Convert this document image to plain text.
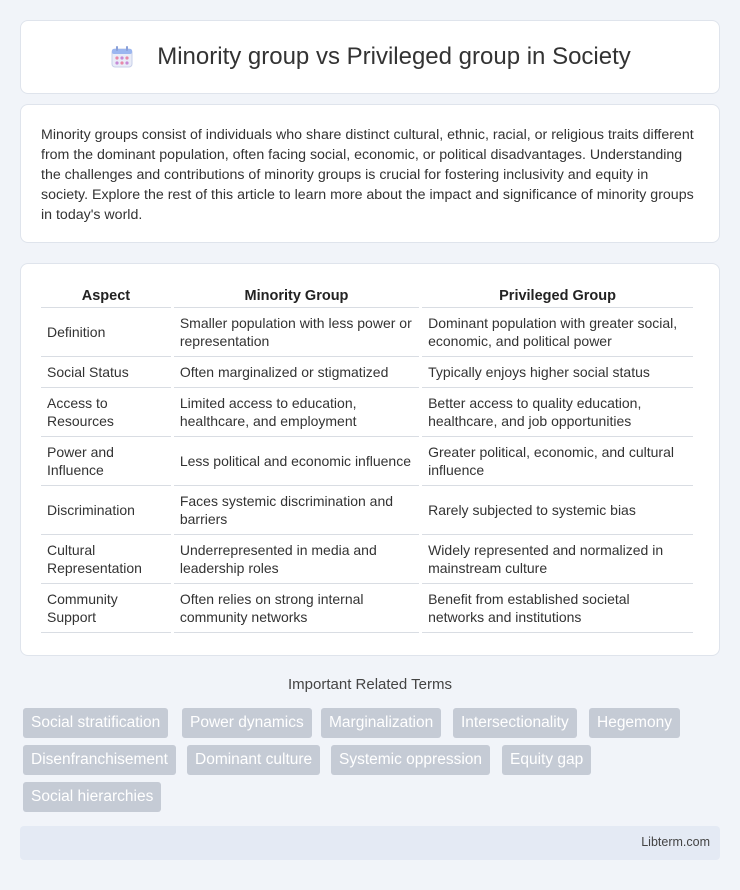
Minority group vs Privileged group in Society

Minority groups consist of individuals who share distinct cultural, ethnic, racial, or religious traits different from the dominant population, often facing social, economic, or political disadvantages. Understanding the challenges and contributions of minority groups is crucial for fostering inclusivity and equity in society. Explore the rest of this article to learn more about the impact and significance of minority groups in today's world.

Aspect	Minority Group	Privileged Group
Definition	Smaller population with less power or representation	Dominant population with greater social, economic, and political power
Social Status	Often marginalized or stigmatized	Typically enjoys higher social status
Access to Resources	Limited access to education, healthcare, and employment	Better access to quality education, healthcare, and job opportunities
Power and Influence	Less political and economic influence	Greater political, economic, and cultural influence
Discrimination	Faces systemic discrimination and barriers	Rarely subjected to systemic bias
Cultural Representation	Underrepresented in media and leadership roles	Widely represented and normalized in mainstream culture
Community Support	Often relies on strong internal community networks	Benefit from established societal networks and institutions
Important Related Terms
Social stratification	Power dynamics	Marginalization	Intersectionality	Hegemony
Disenfranchisement	Dominant culture	Systemic oppression	Equity gap
Social hierarchies
Libterm.com
